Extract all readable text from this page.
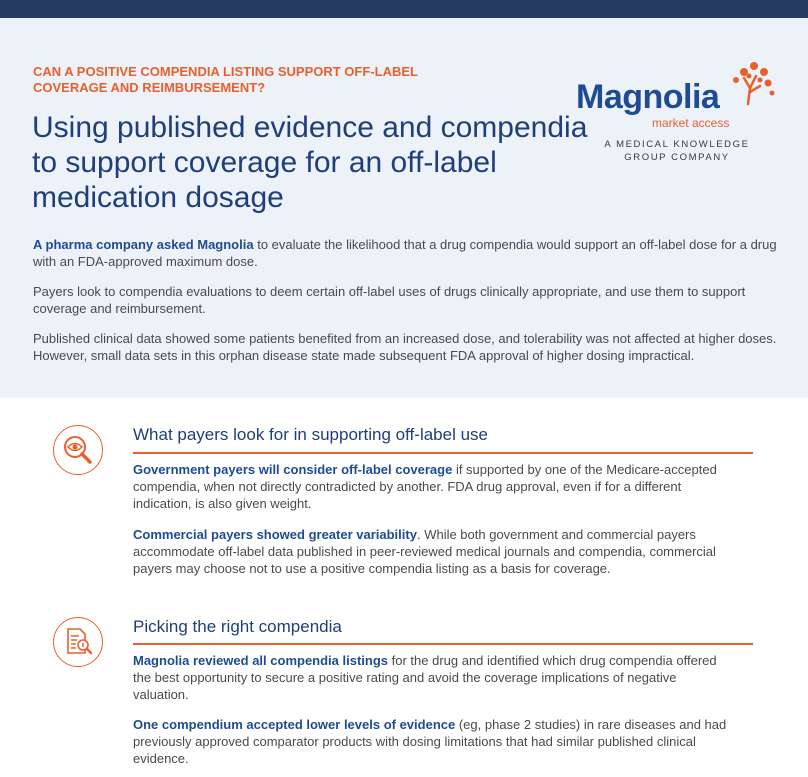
CAN A POSITIVE COMPENDIA LISTING SUPPORT OFF-LABEL COVERAGE AND REIMBURSEMENT?
Using published evidence and compendia to support coverage for an off-label medication dosage
Magnolia
market access
A MEDICAL KNOWLEDGE
GROUP COMPANY

A pharma company asked Magnolia to evaluate the likelihood that a drug compendia would support an off-label dose for a drug with an FDA-approved maximum dose.

Payers look to compendia evaluations to deem certain off-label uses of drugs clinically appropriate, and use them to support coverage and reimbursement.

Published clinical data showed some patients benefited from an increased dose, and tolerability was not affected at higher doses. However, small data sets in this orphan disease state made subsequent FDA approval of higher dosing impractical.

What payers look for in supporting off-label use

Government payers will consider off-label coverage if supported by one of the Medicare-accepted compendia, when not directly contradicted by another. FDA drug approval, even if for a different indication, is also given weight.

Commercial payers showed greater variability. While both government and commercial payers accommodate off-label data published in peer-reviewed medical journals and compendia, commercial payers may choose not to use a positive compendia listing as a basis for coverage.

Picking the right compendia

Magnolia reviewed all compendia listings for the drug and identified which drug compendia offered the best opportunity to secure a positive rating and avoid the coverage implications of negative valuation.

One compendium accepted lower levels of evidence (eg, phase 2 studies) in rare diseases and had previously approved comparator products with dosing limitations that had similar published clinical evidence.
